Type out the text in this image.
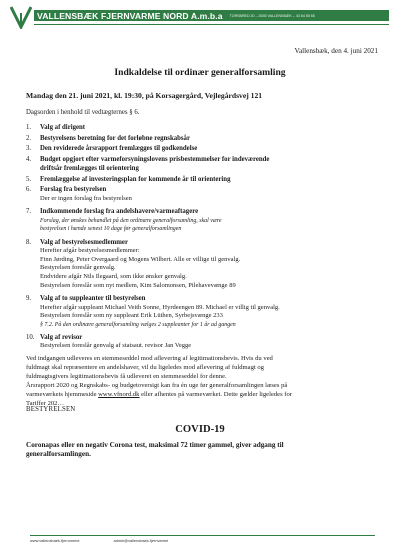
VALLENSBÆK FJERNVARME NORD A.m.b.a TORSBRED 20 – 2635 VALLENSBÆK – 43 64 65 66
Vallensbæk, den 4. juni 2021
Indkaldelse til ordinær generalforsamling
Mandag den 21. juni 2021, kl. 19:30, på Korsagergård, Vejlegårdsvej 121
Dagsorden i henhold til vedtægternes § 6.
1.	Valg af dirigent
2.	Bestyrelsens beretning for det forløbne regnskabsår
3.	Den reviderede årsrapport fremlægges til godkendelse
4.	Budget opgjort efter varmeforsyningslovens prisbestemmelser for indeværende
driftsår fremlægges til orientering
5.	Fremlæggelse af investeringsplan for kommende år til orientering
6.	Forslag fra bestyrelsen
Der er ingen forslag fra bestyrelsen
7.	Indkommende forslag fra andelshavere/varmeaftagere
Forslag, der ønskes behandlet på den ordinære generalforsamling, skal være
bestyrelsen i hænde senest 10 dage før generalforsamlingen
8.	Valg af bestyrelsesmedlemmer
Herefter afgår bestyrelsesmedlemmer:
Finn Jørding, Peter Overgaard og Mogens Wilbert. Alle er villige til genvalg.
Bestyrelsen foreslår genvalg.
Endvidere afgår Nils Ilegaard, som ikke ønsker genvalg.
Bestyrelsen foreslår som nyt medlem, Kim Salomonsen, Pilehavevænge 89
9.	Valg af to suppleanter til bestyrelsen
Herefter afgår suppleant Michael Veith Sonne, Hyrdeengen 89. Michael er villig til genvalg.
Bestyrelsen foreslår som ny suppleant Erik Lüthen, Syrbejsvænge 233
§ 7.2. På den ordinære generalforsamling vælges 2 suppleanter for 1 år ad gangen
10. Valg af revisor
Bestyrelsen foreslår genvalg af statsaut. revisor Jan Vegge
Ved indgangen udleveres en stemmeseddel mod aflevering af legitimationsbevis. Hvis du ved
fuldmagt skal repræsentere en andelshaver, vil du ligeledes mod aflevering af fuldmagt og
fuldmagtsgivers legitimationsbevis få udleveret en stemmeseddel for denne.
Årsrapport 2020 og Regnskabs- og budgetoversigt kan fra én uge før generalforsamlingen læses på
varmeværkets hjemmeside www.vfnord.dk eller afhentes på varmeværket. Dette gælder ligeledes for
Tariffer 202…
BESTYRELSEN
COVID-19
Coronapas eller en negativ Corona test, maksimal 72 timer gammel, giver adgang til
generalforsamlingen.
www.vallensbaek-fjernvarme	admin@vallensbaek-fjernvarme
